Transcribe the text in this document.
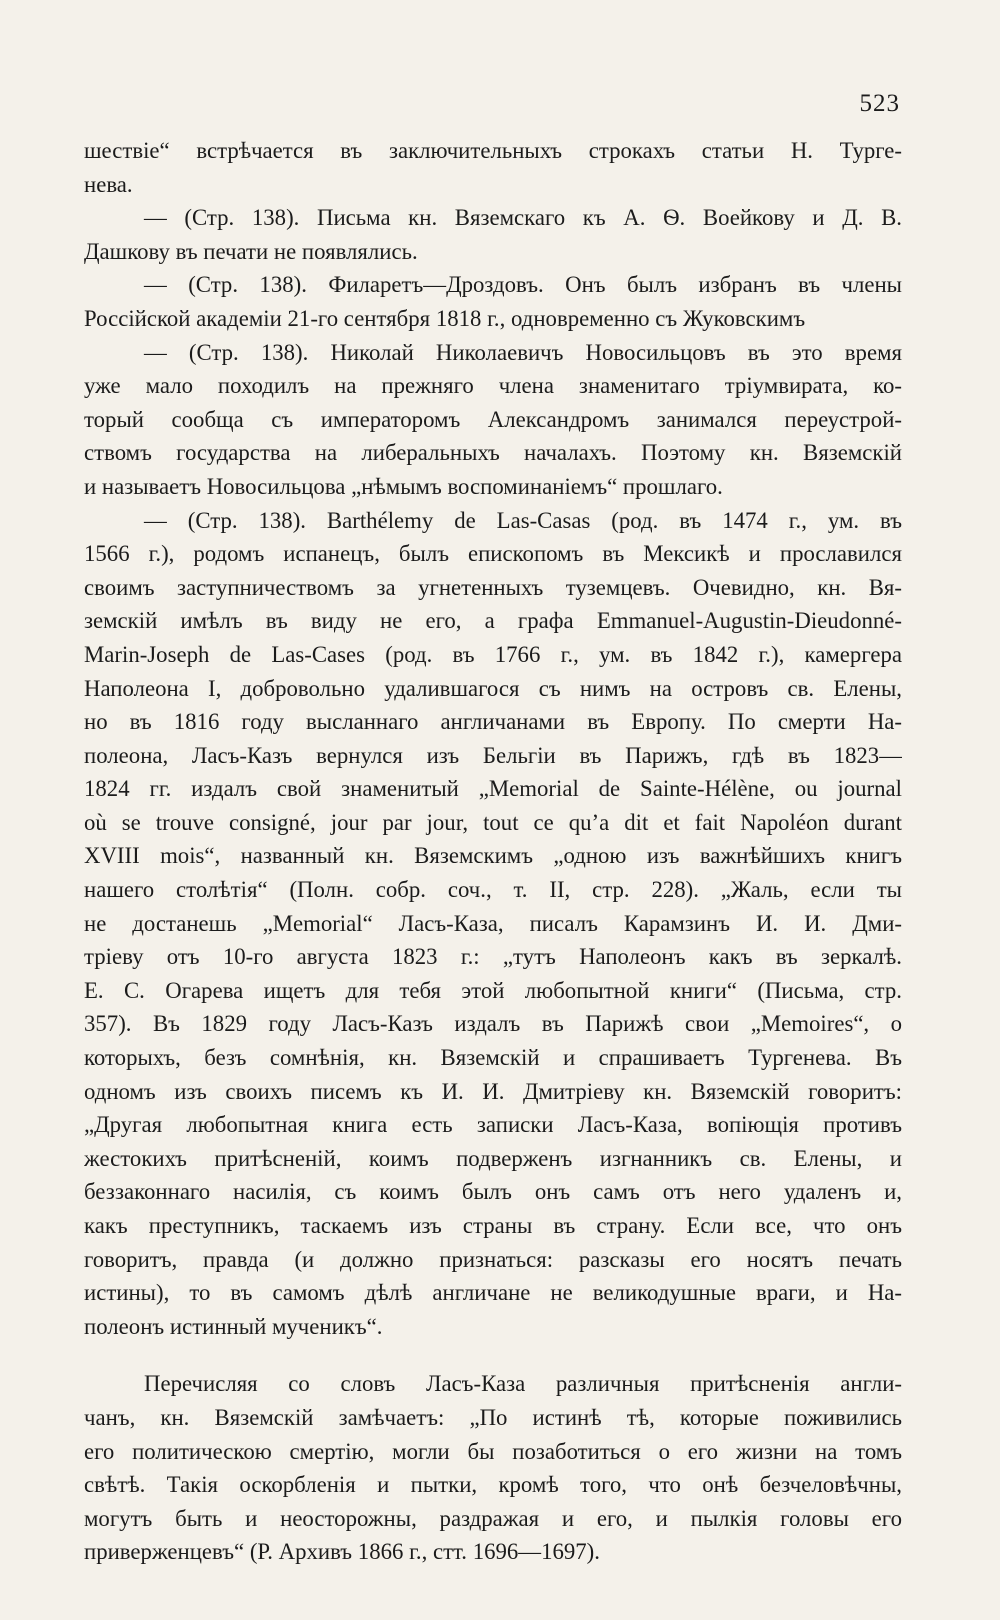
523
шествіе“ встрѣчается въ заключительныхъ строкахъ статьи Н. Турге-
нева.
— (Стр. 138). Письма кн. Вяземскаго къ А. Ѳ. Воейкову и Д. В.
Дашкову въ печати не появлялись.
— (Стр. 138). Филаретъ—Дроздовъ. Онъ былъ избранъ въ члены
Россійской академіи 21-го сентября 1818 г., одновременно съ Жуковскимъ
— (Стр. 138). Николай Николаевичъ Новосильцовъ въ это время
уже мало походилъ на прежняго члена знаменитаго тріумвирата, ко-
торый сообща съ императоромъ Александромъ занимался переустрой-
ствомъ государства на либеральныхъ началахъ. Поэтому кн. Вяземскій
и называетъ Новосильцова „нѣмымъ воспоминаніемъ“ прошлаго.
— (Стр. 138). Barthélemy de Las-Casas (род. въ 1474 г., ум. въ
1566 г.), родомъ испанецъ, былъ епископомъ въ Мексикѣ и прославился
своимъ заступничествомъ за угнетенныхъ туземцевъ. Очевидно, кн. Вя-
земскій имѣлъ въ виду не его, а графа Emmanuel-Augustin-Dieudonné-
Marin-Joseph de Las-Cases (род. въ 1766 г., ум. въ 1842 г.), камергера
Наполеона I, добровольно удалившагося съ нимъ на островъ св. Елены,
но въ 1816 году высланнаго англичанами въ Европу. По смерти На-
полеона, Ласъ-Казъ вернулся изъ Бельгіи въ Парижъ, гдѣ въ 1823—
1824 гг. издалъ свой знаменитый „Memorial de Sainte-Hélène, ou journal
où se trouve consigné, jour par jour, tout ce qu’a dit et fait Napoléon durant
XVIII mois“, названный кн. Вяземскимъ „одною изъ важнѣйшихъ книгъ
нашего столѣтія“ (Полн. собр. соч., т. II, стр. 228). „Жаль, если ты
не достанешь „Memorial“ Ласъ-Каза, писалъ Карамзинъ И. И. Дми-
тріеву отъ 10-го августа 1823 г.: „тутъ Наполеонъ какъ въ зеркалѣ.
Е. С. Огарева ищетъ для тебя этой любопытной книги“ (Письма, стр.
357). Въ 1829 году Ласъ-Казъ издалъ въ Парижѣ свои „Memoires“, о
которыхъ, безъ сомнѣнія, кн. Вяземскій и спрашиваетъ Тургенева. Въ
одномъ изъ своихъ писемъ къ И. И. Дмитріеву кн. Вяземскій говоритъ:
„Другая любопытная книга есть записки Ласъ-Каза, вопіющія противъ
жестокихъ притѣсненій, коимъ подверженъ изгнанникъ св. Елены, и
беззаконнаго насилія, съ коимъ былъ онъ самъ отъ него удаленъ и,
какъ преступникъ, таскаемъ изъ страны въ страну. Если все, что онъ
говоритъ, правда (и должно признаться: разсказы его носятъ печать
истины), то въ самомъ дѣлѣ англичане не великодушные враги, и На-
полеонъ истинный мученикъ“.
Перечисляя со словъ Ласъ-Каза различныя притѣсненія англи-
чанъ, кн. Вяземскій замѣчаетъ: „По истинѣ тѣ, которые поживились
его политическою смертію, могли бы позаботиться о его жизни на томъ
свѣтѣ. Такія оскорбленія и пытки, кромѣ того, что онѣ безчеловѣчны,
могутъ быть и неосторожны, раздражая и его, и пылкія головы его
приверженцевъ“ (Р. Архивъ 1866 г., стт. 1696—1697).
